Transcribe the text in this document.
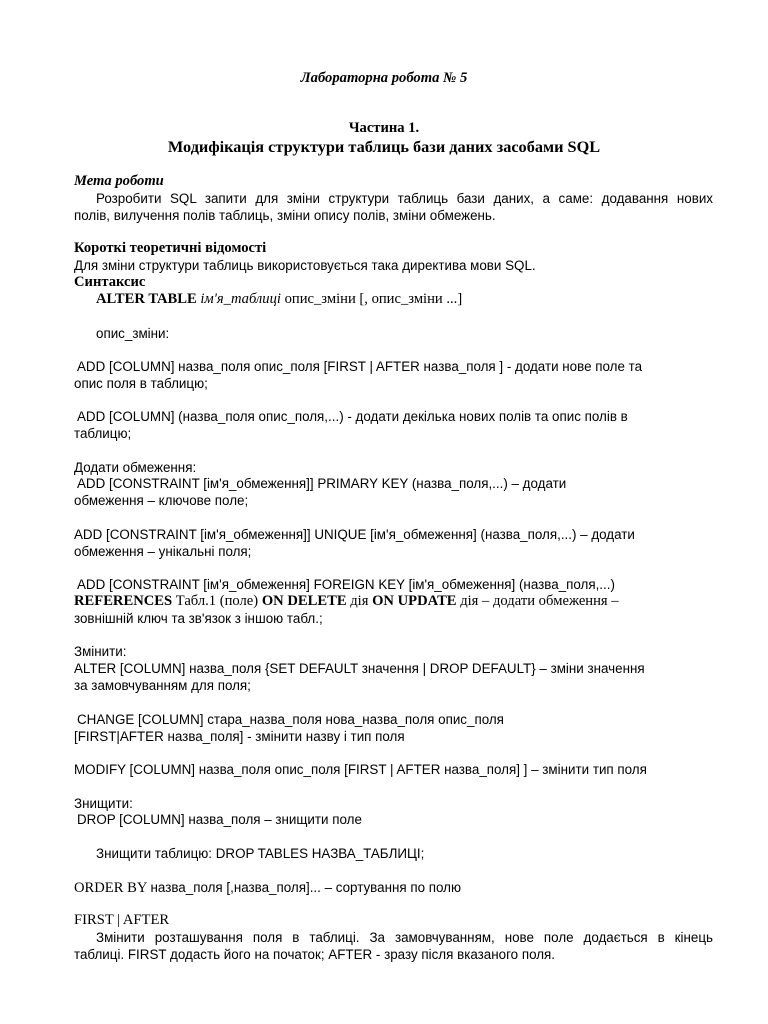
Лабораторна робота № 5

Частина 1.

Модифікація структури таблиць бази даних засобами SQL

Мета роботи

Розробити SQL запити для зміни структури таблиць бази даних, а саме: додавання нових

полів, вилучення полів таблиць, зміни опису полів, зміни обмежень.

Короткі теоретичні відомості

Для зміни структури таблиць використовується така директива мови SQL.

Синтаксис

ALTER TABLE ім'я_таблиці опис_зміни [, опис_зміни ...]

опис_зміни:

ADD [COLUMN] назва_поля опис_поля [FIRST | AFTER назва_поля ] - додати нове поле та

опис поля в таблицю;

ADD [COLUMN] (назва_поля опис_поля,...) - додати декілька нових полів та опис полів в

таблицю;

Додати обмеження:

ADD [CONSTRAINT [ім'я_обмеження]] PRIMARY KEY (назва_поля,...) – додати

обмеження – ключове поле;

ADD [CONSTRAINT [ім'я_обмеження]] UNIQUE [ім'я_обмеження] (назва_поля,...) – додати

обмеження – унікальні поля;

ADD [CONSTRAINT [ім'я_обмеження] FOREIGN KEY [ім'я_обмеження] (назва_поля,...)

REFERENCES Табл.1 (поле) ON DELETE дія ON UPDATE дія – додати обмеження –

зовнішній ключ та зв'язок з іншою табл.;

Змінити:

ALTER [COLUMN] назва_поля {SET DEFAULT значення | DROP DEFAULT} – зміни значення

за замовчуванням для поля;

CHANGE [COLUMN] стара_назва_поля нова_назва_поля опис_поля

[FIRST|AFTER назва_поля] - змінити назву і тип поля

MODIFY [COLUMN] назва_поля опис_поля [FIRST | AFTER назва_поля] ] – змінити тип поля

Знищити:

DROP [COLUMN] назва_поля – знищити поле

Знищити таблицю: DROP TABLES НАЗВА_ТАБЛИЦІ;

ORDER BY назва_поля [,назва_поля]... – сортування по полю

FIRST | AFTER

Змінити розташування поля в таблиці. За замовчуванням, нове поле додається в кінець

таблиці. FIRST додасть його на початок; AFTER - зразу після вказаного поля.
